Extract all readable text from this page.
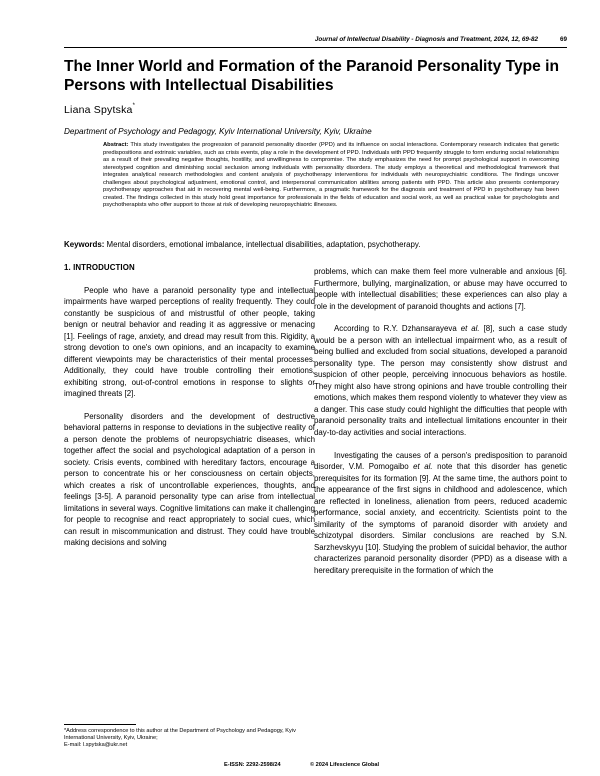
Journal of Intellectual Disability - Diagnosis and Treatment, 2024, 12, 69-82	69
The Inner World and Formation of the Paranoid Personality Type in Persons with Intellectual Disabilities
Liana Spytska*
Department of Psychology and Pedagogy, Kyiv International University, Kyiv, Ukraine

Abstract: This study investigates the progression of paranoid personality disorder (PPD) and its influence on social interactions. Contemporary research indicates that genetic predispositions and extrinsic variables, such as crisis events, play a role in the development of PPD. Individuals with PPD frequently struggle to form enduring social relationships as a result of their prevailing negative thoughts, hostility, and unwillingness to compromise. The study emphasizes the need for prompt psychological support in overcoming stereotyped cognition and diminishing social seclusion among individuals with personality disorders. The study employs a theoretical and methodological framework that integrates analytical research methodologies and content analysis of psychotherapy interventions for individuals with neuropsychiatric conditions. The findings uncover challenges about psychological adjustment, emotional control, and interpersonal communication abilities among patients with PPD. This article also presents contemporary psychotherapy approaches that aid in recovering mental well-being. Furthermore, a pragmatic framework for the diagnosis and treatment of PPD in psychotherapy has been created. The findings collected in this study hold great importance for professionals in the fields of education and social work, as well as practical value for psychologists and psychotherapists who offer support to those at risk of developing neuropsychiatric illnesses.

Keywords: Mental disorders, emotional imbalance, intellectual disabilities, adaptation, psychotherapy.
1. INTRODUCTION

People who have a paranoid personality type and intellectual impairments have warped perceptions of reality frequently. They could constantly be suspicious of and mistrustful of other people, taking benign or neutral behavior and reading it as aggressive or menacing [1]. Feelings of rage, anxiety, and dread may result from this. Rigidity, a strong devotion to one's own opinions, and an incapacity to examine different viewpoints may be characteristics of their mental processes. Additionally, they could have trouble controlling their emotions, exhibiting strong, out-of-control emotions in response to slights or imagined threats [2].

Personality disorders and the development of destructive behavioral patterns in response to deviations in the subjective reality of a person denote the problems of neuropsychiatric diseases, which together affect the social and psychological adaptation of a person in society. Crisis events, combined with hereditary factors, encourage a person to concentrate his or her consciousness on certain objects, which creates a risk of uncontrollable experiences, thoughts, and feelings [3-5]. A paranoid personality type can arise from intellectual limitations in several ways. Cognitive limitations can make it challenging for people to recognise and react appropriately to social cues, which can result in miscommunication and distrust. They could have trouble making decisions and solving

problems, which can make them feel more vulnerable and anxious [6]. Furthermore, bullying, marginalization, or abuse may have occurred to people with intellectual disabilities; these experiences can also play a role in the development of paranoid thoughts and actions [7].

According to R.Y. Dzhansarayeva et al. [8], such a case study would be a person with an intellectual impairment who, as a result of being bullied and excluded from social situations, developed a paranoid personality type. The person may consistently show distrust and suspicion of other people, perceiving innocuous behaviors as hostile. They might also have strong opinions and have trouble controlling their emotions, which makes them respond violently to whatever they view as a danger. This case study could highlight the difficulties that people with paranoid personality traits and intellectual limitations encounter in their day-to-day activities and social interactions.

Investigating the causes of a person's predisposition to paranoid disorder, V.M. Pomogaibo et al. note that this disorder has genetic prerequisites for its formation [9]. At the same time, the authors point to the appearance of the first signs in childhood and adolescence, which are reflected in loneliness, alienation from peers, reduced academic performance, social anxiety, and eccentricity. Scientists point to the similarity of the symptoms of paranoid disorder with anxiety and schizotypal disorders. Similar conclusions are reached by S.N. Sarzhevskyyu [10]. Studying the problem of suicidal behavior, the author characterizes paranoid personality disorder (PPD) as a disease with a hereditary prerequisite in the formation of which the

*Address correspondence to this author at the Department of Psychology and Pedagogy, Kyiv International University, Kyiv, Ukraine;
E-mail: l.spytska@ukr.net

E-ISSN: 2292-2598/24	© 2024 Lifescience Global
